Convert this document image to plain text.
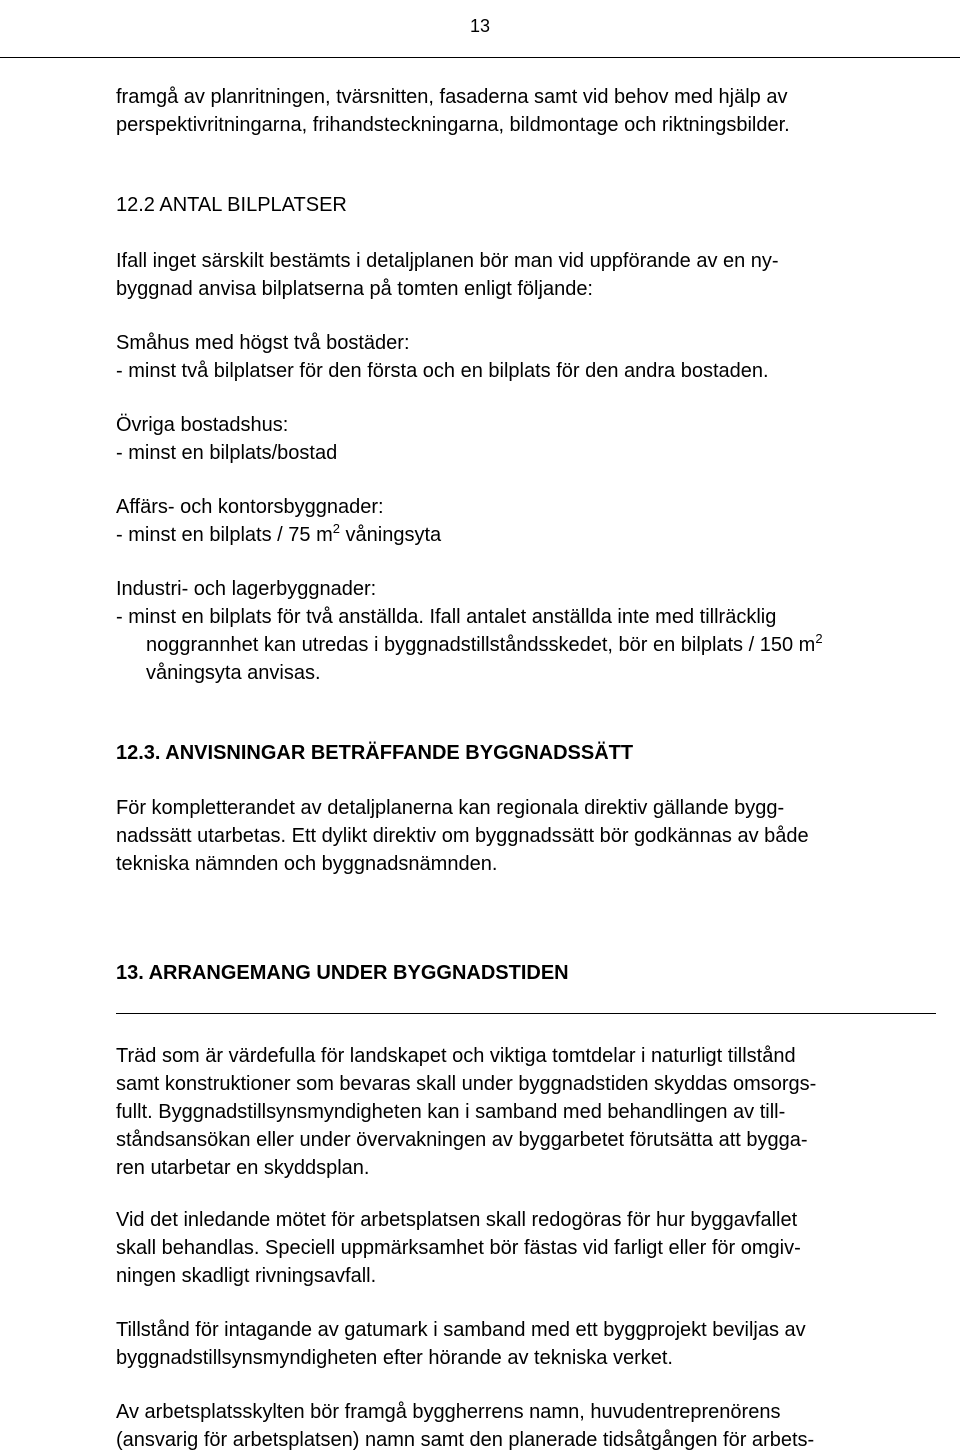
13

framgå av planritningen, tvärsnitten, fasaderna samt vid behov med hjälp av

perspektivritningarna, frihandsteckningarna, bildmontage och riktningsbilder.

12.2 ANTAL BILPLATSER

Ifall inget särskilt bestämts i detaljplanen bör man vid uppförande av en ny-

byggnad anvisa bilplatserna på tomten enligt följande:

Småhus med högst två bostäder:

- minst två bilplatser för den första och en bilplats för den andra bostaden.

Övriga bostadshus:

- minst en bilplats/bostad

Affärs- och kontorsbyggnader:

- minst en bilplats / 75 $m^2$ våningsyta

Industri- och lagerbyggnader:

- minst en bilplats för två anställda. Ifall antalet anställda inte med tillräcklig

noggrannhet kan utredas i byggnadstillståndsskedet, bör en bilplats / 150 $m^2$

våningsyta anvisas.

12.3. ANVISNINGAR BETRÄFFANDE BYGGNADSSÄTT

För kompletterandet av detaljplanerna kan regionala direktiv gällande bygg-

nadssätt utarbetas. Ett dylikt direktiv om byggnadssätt bör godkännas av både

tekniska nämnden och byggnadsnämnden.

13. ARRANGEMANG UNDER BYGGNADSTIDEN

Träd som är värdefulla för landskapet och viktiga tomtdelar i naturligt tillstånd

samt konstruktioner som bevaras skall under byggnadstiden skyddas omsorgs-

fullt. Byggnadstillsynsmyndigheten kan i samband med behandlingen av till-

ståndsansökan eller under övervakningen av byggarbetet förutsätta att bygga-

ren utarbetar en skyddsplan.

Vid det inledande mötet för arbetsplatsen skall redogöras för hur byggavfallet

skall behandlas. Speciell uppmärksamhet bör fästas vid farligt eller för omgiv-

ningen skadligt rivningsavfall.

Tillstånd för intagande av gatumark i samband med ett byggprojekt beviljas av

byggnadstillsynsmyndigheten efter hörande av tekniska verket.

Av arbetsplatsskylten bör framgå byggherrens namn, huvudentreprenörens

(ansvarig för arbetsplatsen) namn samt den planerade tidsåtgången för arbets-
